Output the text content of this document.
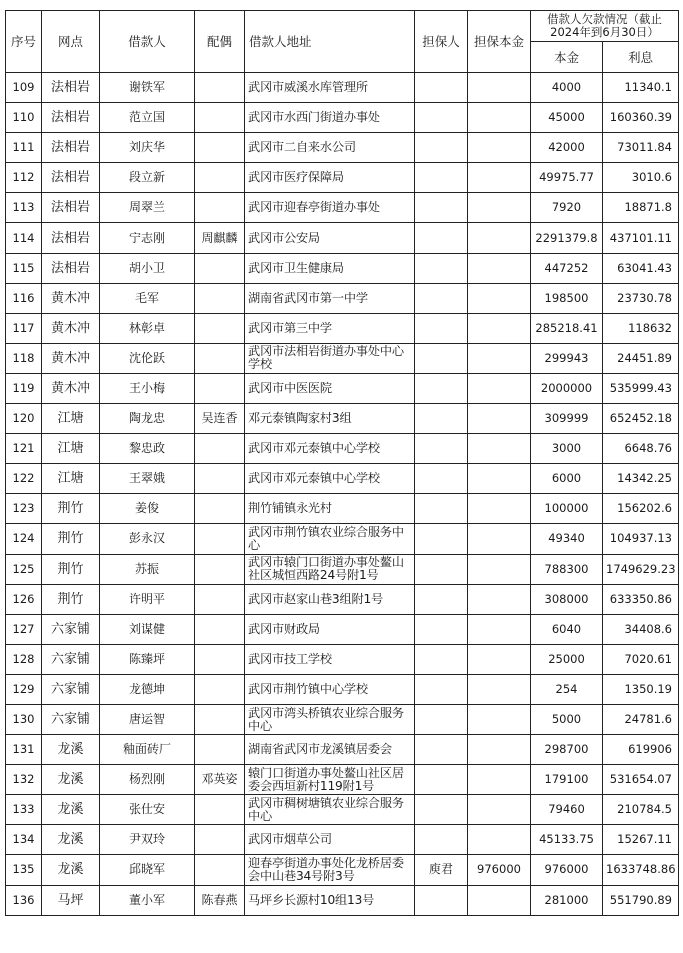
序号	网点	借款人	配偶	借款人地址	担保人	担保本金	借款人欠款情况（截止2024年到6月30日）	
							本金	利息
109	法相岩	谢铁军		武冈市威溪水库管理所			4000	11340.1
110	法相岩	范立国		武冈市水西门街道办事处			45000	160360.39
111	法相岩	刘庆华		武冈市二自来水公司			42000	73011.84
112	法相岩	段立新		武冈市医疗保障局			49975.77	3010.6
113	法相岩	周翠兰		武冈市迎春亭街道办事处			7920	18871.8
114	法相岩	宁志刚	周麒麟	武冈市公安局			2291379.8	437101.11
115	法相岩	胡小卫		武冈市卫生健康局			447252	63041.43
116	黄木冲	毛军		湖南省武冈市第一中学			198500	23730.78
117	黄木冲	林彰卓		武冈市第三中学			285218.41	118632
118	黄木冲	沈伦跃		武冈市法相岩街道办事处中心学校			299943	24451.89
119	黄木冲	王小梅		武冈市中医医院			2000000	535999.43
120	江塘	陶龙忠	吴连香	邓元泰镇陶家村3组			309999	652452.18
121	江塘	黎忠政		武冈市邓元泰镇中心学校			3000	6648.76
122	江塘	王翠娥		武冈市邓元泰镇中心学校			6000	14342.25
123	荆竹	姜俊		荆竹铺镇永光村			100000	156202.6
124	荆竹	彭永汉		武冈市荆竹镇农业综合服务中心			49340	104937.13
125	荆竹	苏振		武冈市辕门口街道办事处鳌山社区城恒西路24号附1号			788300	1749629.23
126	荆竹	许明平		武冈市赵家山巷3组附1号			308000	633350.86
127	六家铺	刘谋健		武冈市财政局			6040	34408.6
128	六家铺	陈臻坪		武冈市技工学校			25000	7020.61
129	六家铺	龙德坤		武冈市荆竹镇中心学校			254	1350.19
130	六家铺	唐运智		武冈市湾头桥镇农业综合服务中心			5000	24781.6
131	龙溪	釉面砖厂		湖南省武冈市龙溪镇居委会			298700	619906
132	龙溪	杨烈刚	邓英姿	辕门口街道办事处鳌山社区居委会西垣新村119附1号			179100	531654.07
133	龙溪	张仕安		武冈市稠树塘镇农业综合服务中心			79460	210784.5
134	龙溪	尹双玲		武冈市烟草公司			45133.75	15267.11
135	龙溪	邱晓军		迎春亭街道办事处化龙桥居委会中山巷34号附3号	庾君	976000	976000	1633748.86
136	马坪	董小军	陈春燕	马坪乡长源村10组13号			281000	551790.89
